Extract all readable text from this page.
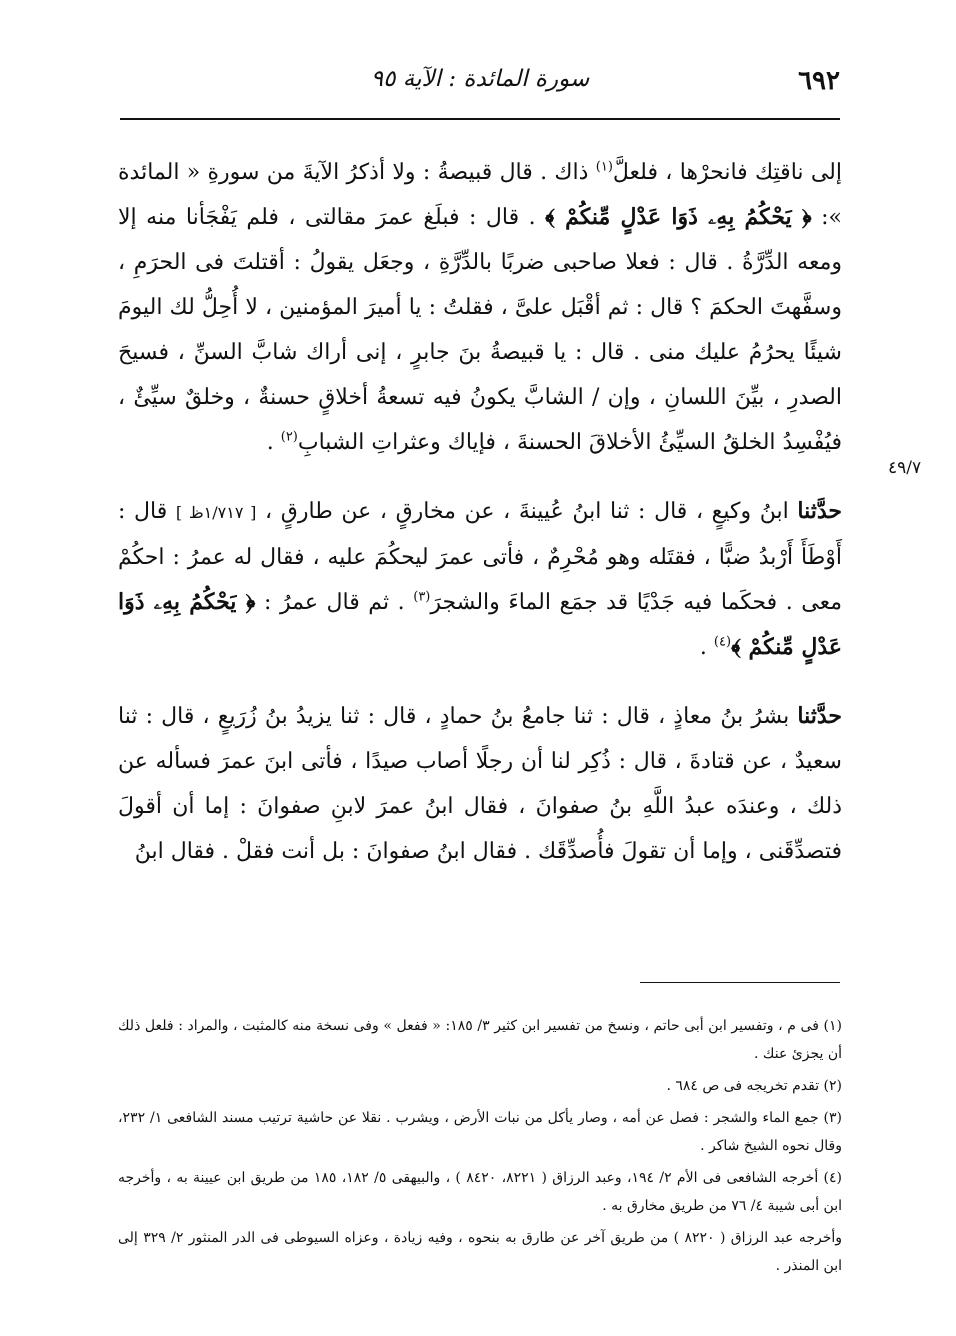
٦٩٢
سورة المائدة : الآية ٩٥
٤٩/٧

إلى ناقتِك فانحرْها ، فلعلَّ$^{(١)}$ ذاك . قال قبيصةُ : ولا أذكرُ الآيةَ من سورةِ « المائدة »: ﴿ يَحْكُمُ بِهِۦ ذَوَا عَدْلٍ مِّنكُمْ ﴾ . قال : فبلَغ عمرَ مقالتى ، فلم يَفْجَأنا منه إلا ومعه الدِّرَّةُ . قال : فعلا صاحبى ضربًا بالدِّرَّةِ ، وجعَل يقولُ : أقتلتَ فى الحرَمِ ، وسفَّهتَ الحكمَ ؟ قال : ثم أقْبَل علىَّ ، فقلتُ : يا أميرَ المؤمنين ، لا أُحِلُّ لك اليومَ شيئًا يحرُمُ عليك منى . قال : يا قبيصةُ بنَ جابرٍ ، إنى أراك شابَّ السنِّ ، فسيحَ الصدرِ ، بيِّنَ اللسانِ ، وإن / الشابَّ يكونُ فيه تسعةُ أخلاقٍ حسنةٌ ، وخلقٌ سيِّئٌ ، فيُفْسِدُ الخلقُ السيِّئُ الأخلاقَ الحسنةَ ، فإياك وعثراتِ الشبابِ$^{(٢)}$ .

حدَّثنا ابنُ وكيعٍ ، قال : ثنا ابنُ عُيينةَ ، عن مخارقٍ ، عن طارقٍ ، [ ١/٧١٧ظ ] قال : أَوْطَأَ أَرْبدُ ضبًّا ، فقتَله وهو مُحْرِمٌ ، فأتى عمرَ ليحكُمَ عليه ، فقال له عمرُ : احكُمْ معى . فحكَما فيه جَدْيًا قد جمَع الماءَ والشجرَ$^{(٣)}$ . ثم قال عمرُ : ﴿ يَحْكُمُ بِهِۦ ذَوَا عَدْلٍ مِّنكُمْ ﴾$^{(٤)}$ .

حدَّثنا بشرُ بنُ معاذٍ ، قال : ثنا جامعُ بنُ حمادٍ ، قال : ثنا يزيدُ بنُ زُرَيعٍ ، قال : ثنا سعيدٌ ، عن قتادةَ ، قال : ذُكِر لنا أن رجلًا أصاب صيدًا ، فأتى ابنَ عمرَ فسأله عن ذلك ، وعندَه عبدُ اللَّهِ بنُ صفوانَ ، فقال ابنُ عمرَ لابنِ صفوانَ : إما أن أقولَ فتصدِّقَنى ، وإما أن تقولَ فأُصدِّقَك . فقال ابنُ صفوانَ : بل أنت فقلْ . فقال ابنُ

(١) فى م ، وتفسير ابن أبى حاتم ، ونسخ من تفسير ابن كثير ٣/ ١٨٥: « ففعل » وفى نسخة منه كالمثبت ، والمراد : فلعل ذلك أن يجزئ عنك .

(٢) تقدم تخريجه فى ص ٦٨٤ .

(٣) جمع الماء والشجر : فصل عن أمه ، وصار يأكل من نبات الأرض ، ويشرب . نقلا عن حاشية ترتيب مسند الشافعى ١/ ٢٣٢، وقال نحوه الشيخ شاكر .

(٤) أخرجه الشافعى فى الأم ٢/ ١٩٤، وعبد الرزاق ( ٨٢٢١، ٨٤٢٠ ) ، والبيهقى ٥/ ١٨٢، ١٨٥ من طريق ابن عيينة به ، وأخرجه ابن أبى شيبة ٤/ ٧٦ من طريق مخارق به .

وأخرجه عبد الرزاق ( ٨٢٢٠ ) من طريق آخر عن طارق به بنحوه ، وفيه زيادة ، وعزاه السيوطى فى الدر المنثور ٢/ ٣٢٩ إلى ابن المنذر .
